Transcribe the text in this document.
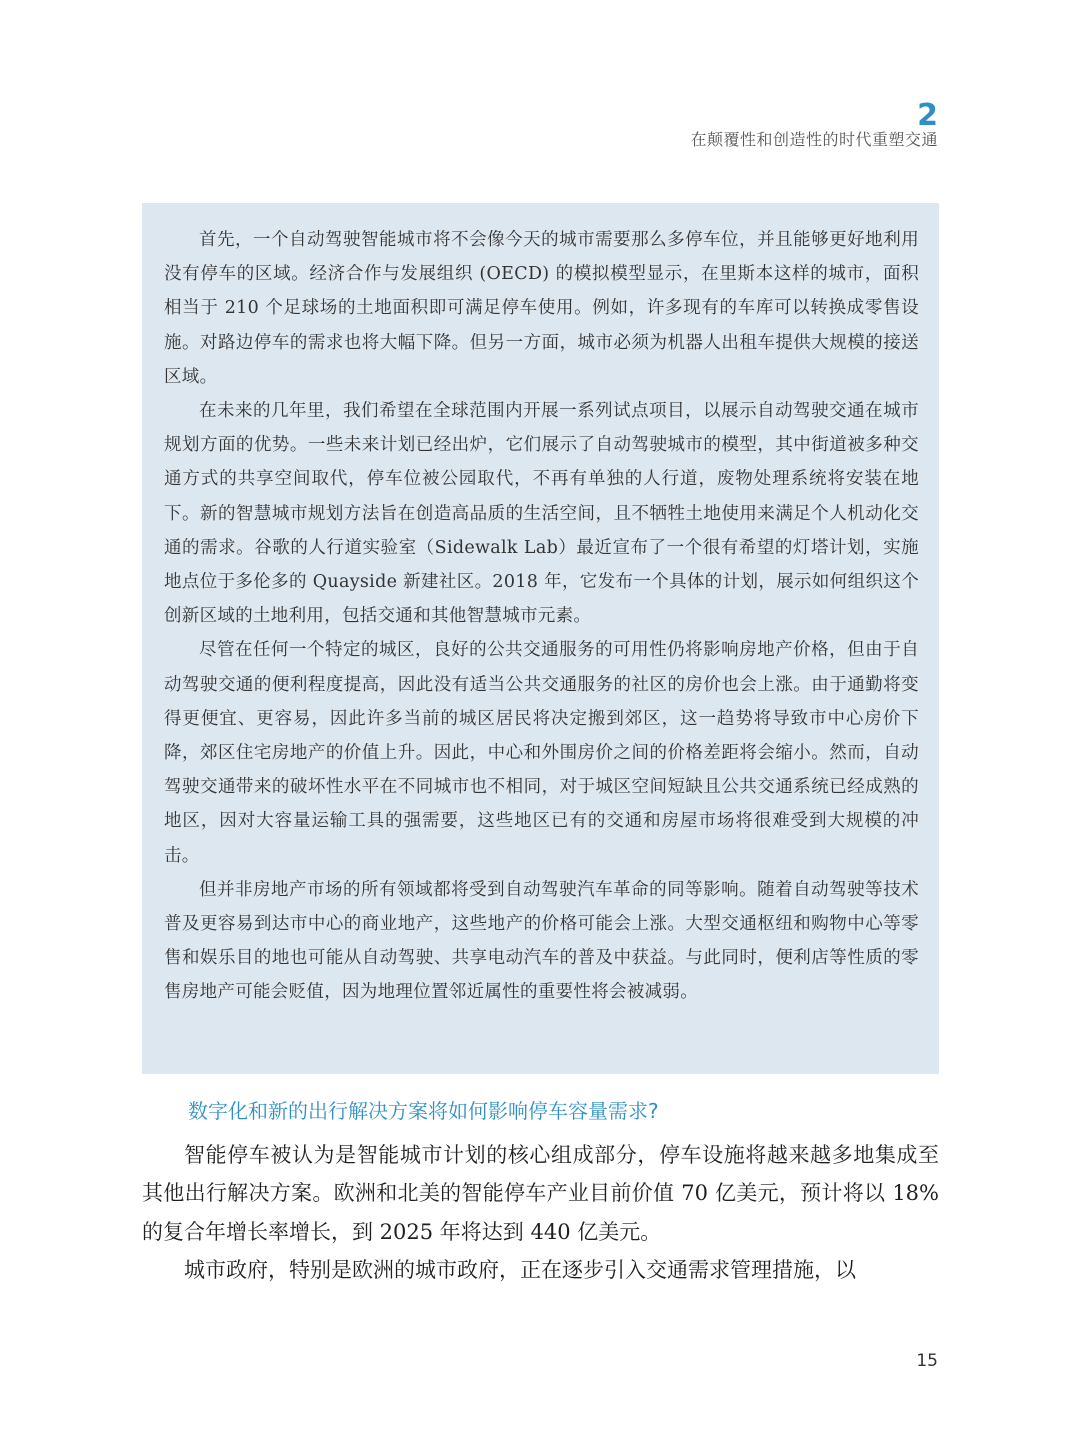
2
在颠覆性和创造性的时代重塑交通

首先，一个自动驾驶智能城市将不会像今天的城市需要那么多停车位，并且能够更好地利用没有停车的区域。经济合作与发展组织 (OECD) 的模拟模型显示，在里斯本这样的城市，面积相当于 210 个足球场的土地面积即可满足停车使用。例如，许多现有的车库可以转换成零售设施。对路边停车的需求也将大幅下降。但另一方面，城市必须为机器人出租车提供大规模的接送区域。

在未来的几年里，我们希望在全球范围内开展一系列试点项目，以展示自动驾驶交通在城市规划方面的优势。一些未来计划已经出炉，它们展示了自动驾驶城市的模型，其中街道被多种交通方式的共享空间取代，停车位被公园取代，不再有单独的人行道，废物处理系统将安装在地下。新的智慧城市规划方法旨在创造高品质的生活空间，且不牺牲土地使用来满足个人机动化交通的需求。谷歌的人行道实验室（Sidewalk Lab）最近宣布了一个很有希望的灯塔计划，实施地点位于多伦多的 Quayside 新建社区。2018 年，它发布一个具体的计划，展示如何组织这个创新区域的土地利用，包括交通和其他智慧城市元素。

尽管在任何一个特定的城区，良好的公共交通服务的可用性仍将影响房地产价格，但由于自动驾驶交通的便利程度提高，因此没有适当公共交通服务的社区的房价也会上涨。由于通勤将变得更便宜、更容易，因此许多当前的城区居民将决定搬到郊区，这一趋势将导致市中心房价下降，郊区住宅房地产的价值上升。因此，中心和外围房价之间的价格差距将会缩小。然而，自动驾驶交通带来的破坏性水平在不同城市也不相同，对于城区空间短缺且公共交通系统已经成熟的地区，因对大容量运输工具的强需要，这些地区已有的交通和房屋市场将很难受到大规模的冲击。

但并非房地产市场的所有领域都将受到自动驾驶汽车革命的同等影响。随着自动驾驶等技术普及更容易到达市中心的商业地产，这些地产的价格可能会上涨。大型交通枢纽和购物中心等零售和娱乐目的地也可能从自动驾驶、共享电动汽车的普及中获益。与此同时，便利店等性质的零售房地产可能会贬值，因为地理位置邻近属性的重要性将会被减弱。

数字化和新的出行解决方案将如何影响停车容量需求?

智能停车被认为是智能城市计划的核心组成部分，停车设施将越来越多地集成至其他出行解决方案。欧洲和北美的智能停车产业目前价值 70 亿美元，预计将以 18% 的复合年增长率增长，到 2025 年将达到 440 亿美元。

城市政府，特别是欧洲的城市政府，正在逐步引入交通需求管理措施，以

15
